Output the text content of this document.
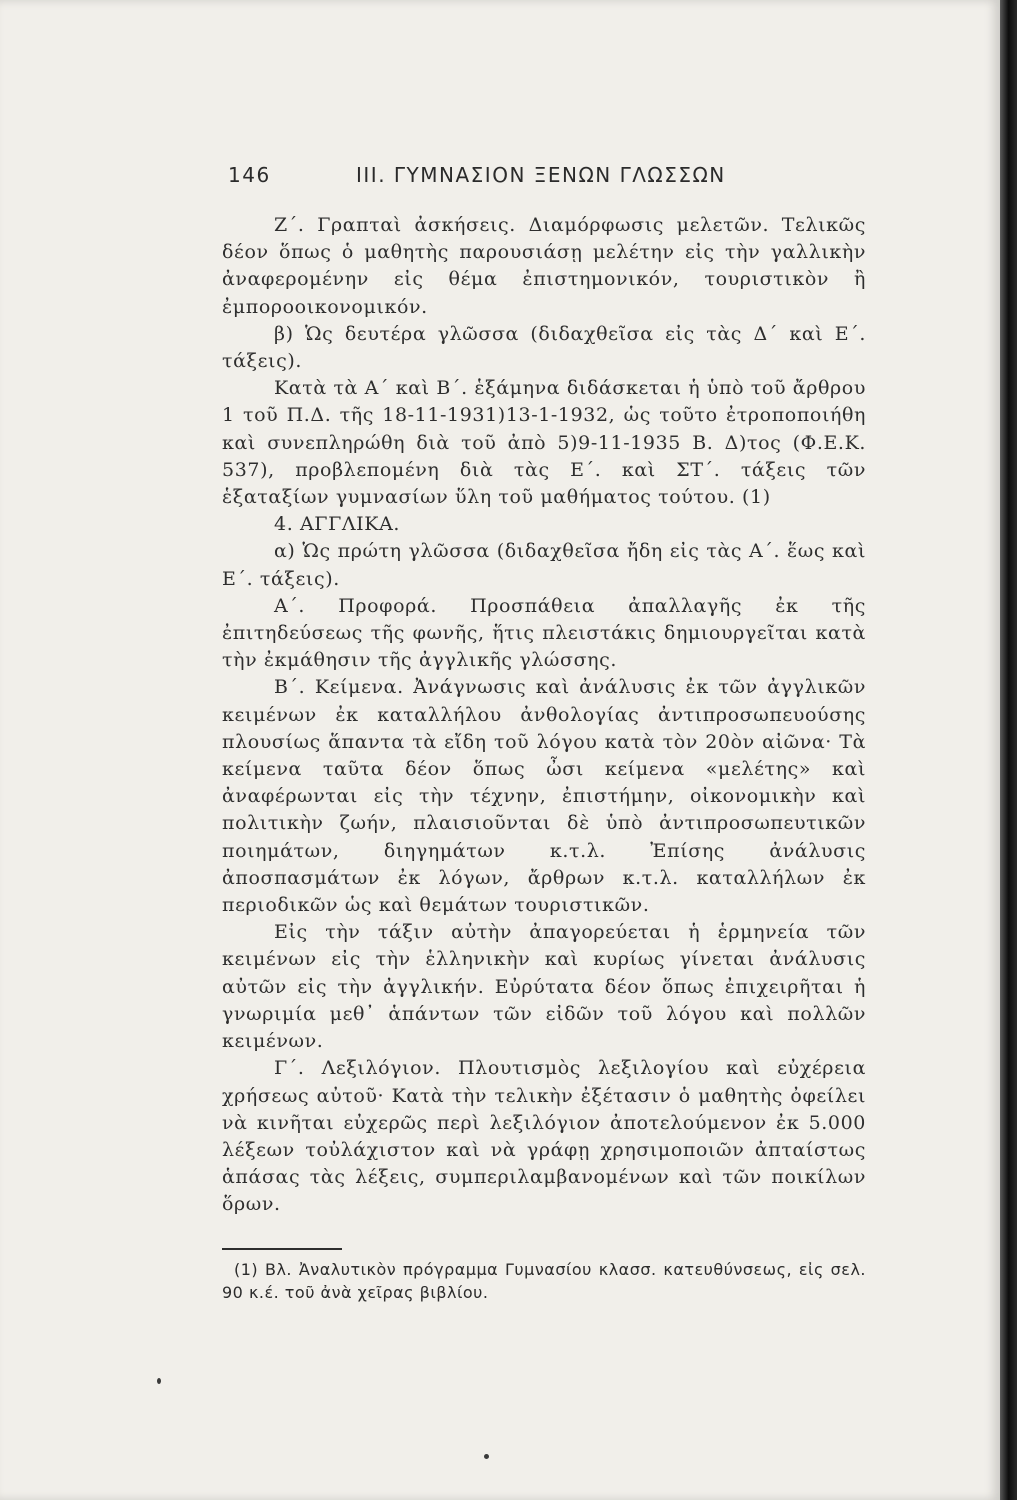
146	III. ΓΥΜΝΑΣΙΟΝ ΞΕΝΩΝ ΓΛΩΣΣΩΝ

Ζ΄. Γραπταὶ ἀσκήσεις. Διαμόρφωσις μελετῶν. Τελικῶς δέον ὅπως ὁ μαθητὴς παρουσιάσῃ μελέτην εἰς τὴν γαλλικὴν ἀναφερομένην εἰς θέμα ἐπιστημονικόν, τουριστικὸν ἢ ἐμποροοικονομικόν.

β) Ὡς δευτέρα γλῶσσα (διδαχθεῖσα εἰς τὰς Δ΄ καὶ Ε΄. τάξεις).

Κατὰ τὰ Α΄ καὶ Β΄. ἑξάμηνα διδάσκεται ἡ ὑπὸ τοῦ ἄρθρου 1 τοῦ Π.Δ. τῆς 18-11-1931)13-1-1932, ὡς τοῦτο ἐτροποποιήθη καὶ συνεπληρώθη διὰ τοῦ ἀπὸ 5)9-11-1935 Β. Δ)τος (Φ.Ε.Κ. 537), προβλεπομένη διὰ τὰς Ε΄. καὶ ΣΤ΄. τάξεις τῶν ἑξαταξίων γυμνασίων ὕλη τοῦ μαθήματος τούτου. (1)

4. ΑΓΓΛΙΚΑ.

α) Ὡς πρώτη γλῶσσα (διδαχθεῖσα ἤδη εἰς τὰς Α΄. ἕως καὶ Ε΄. τάξεις).

Α΄. Προφορά. Προσπάθεια ἀπαλλαγῆς ἐκ τῆς ἐπιτηδεύσεως τῆς φωνῆς, ἥτις πλειστάκις δημιουργεῖται κατὰ τὴν ἐκμάθησιν τῆς ἀγγλικῆς γλώσσης.

Β΄. Κείμενα. Ἀνάγνωσις καὶ ἀνάλυσις ἐκ τῶν ἀγγλικῶν κειμένων ἐκ καταλλήλου ἀνθολογίας ἀντιπροσωπευούσης πλουσίως ἅπαντα τὰ εἴδη τοῦ λόγου κατὰ τὸν 20ὸν αἰῶνα· Τὰ κείμενα ταῦτα δέον ὅπως ὦσι κείμενα «μελέτης» καὶ ἀναφέρωνται εἰς τὴν τέχνην, ἐπιστήμην, οἰκονομικὴν καὶ πολιτικὴν ζωήν, πλαισιοῦνται δὲ ὑπὸ ἀντιπροσωπευτικῶν ποιημάτων, διηγημάτων κ.τ.λ. Ἐπίσης ἀνάλυσις ἀποσπασμάτων ἐκ λόγων, ἄρθρων κ.τ.λ. καταλλήλων ἐκ περιοδικῶν ὡς καὶ θεμάτων τουριστικῶν.

Εἰς τὴν τάξιν αὐτὴν ἀπαγορεύεται ἡ ἑρμηνεία τῶν κειμένων εἰς τὴν ἑλληνικὴν καὶ κυρίως γίνεται ἀνάλυσις αὐτῶν εἰς τὴν ἀγγλικήν. Εὐρύτατα δέον ὅπως ἐπιχειρῆται ἡ γνωριμία μεθ᾽ ἁπάντων τῶν εἰδῶν τοῦ λόγου καὶ πολλῶν κειμένων.

Γ΄. Λεξιλόγιον. Πλουτισμὸς λεξιλογίου καὶ εὐχέρεια χρήσεως αὐτοῦ· Κατὰ τὴν τελικὴν ἐξέτασιν ὁ μαθητὴς ὀφείλει νὰ κινῆται εὐχερῶς περὶ λεξιλόγιον ἀποτελούμενον ἐκ 5.000 λέξεων τοὐλάχιστον καὶ νὰ γράφῃ χρησιμοποιῶν ἀπταίστως ἁπάσας τὰς λέξεις, συμπεριλαμβανομένων καὶ τῶν ποικίλων ὅρων.

(1) Βλ. Ἀναλυτικὸν πρόγραμμα Γυμνασίου κλασσ. κατευθύνσεως, εἰς σελ. 90 κ.έ. τοῦ ἀνὰ χεῖρας βιβλίου.
